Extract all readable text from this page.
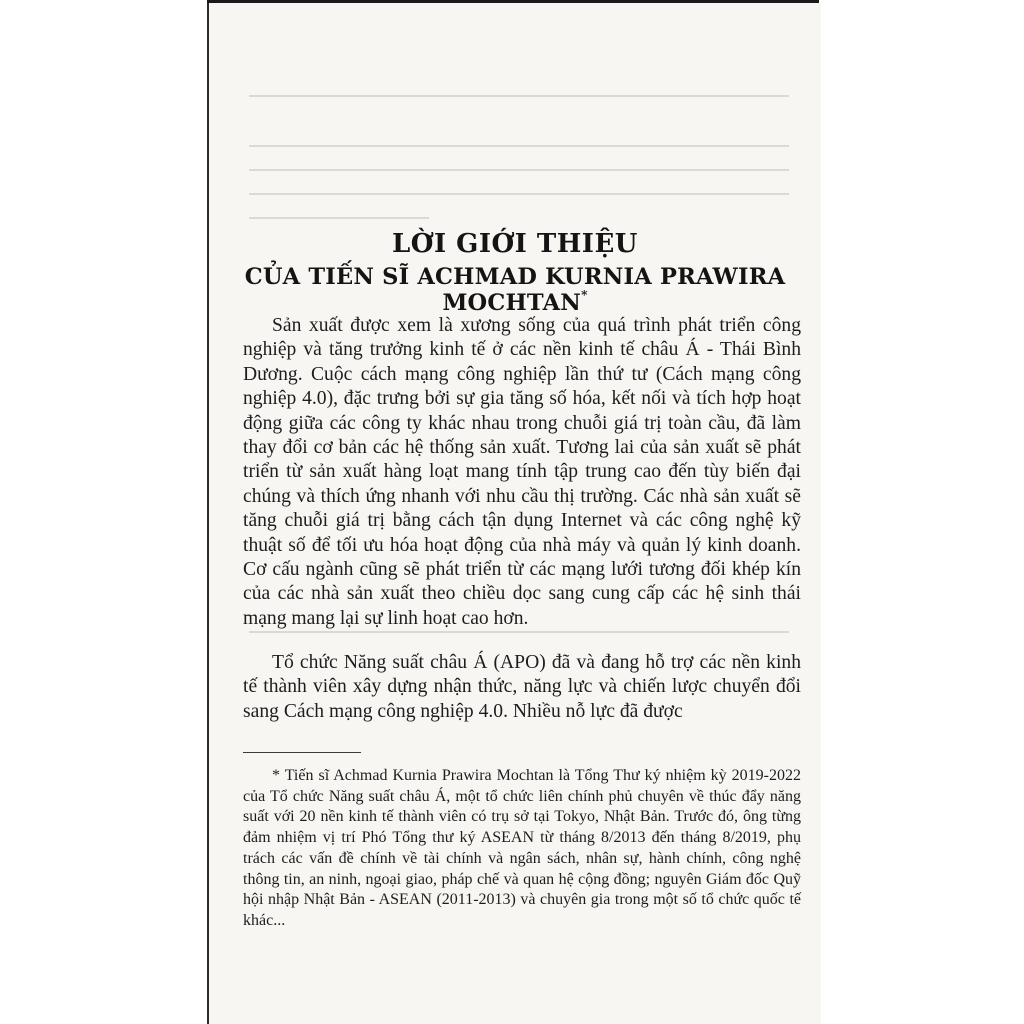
LỜI GIỚI THIỆU
CỦA TIẾN SĨ ACHMAD KURNIA PRAWIRA MOCHTAN*

Sản xuất được xem là xương sống của quá trình phát triển công nghiệp và tăng trưởng kinh tế ở các nền kinh tế châu Á - Thái Bình Dương. Cuộc cách mạng công nghiệp lần thứ tư (Cách mạng công nghiệp 4.0), đặc trưng bởi sự gia tăng số hóa, kết nối và tích hợp hoạt động giữa các công ty khác nhau trong chuỗi giá trị toàn cầu, đã làm thay đổi cơ bản các hệ thống sản xuất. Tương lai của sản xuất sẽ phát triển từ sản xuất hàng loạt mang tính tập trung cao đến tùy biến đại chúng và thích ứng nhanh với nhu cầu thị trường. Các nhà sản xuất sẽ tăng chuỗi giá trị bằng cách tận dụng Internet và các công nghệ kỹ thuật số để tối ưu hóa hoạt động của nhà máy và quản lý kinh doanh. Cơ cấu ngành cũng sẽ phát triển từ các mạng lưới tương đối khép kín của các nhà sản xuất theo chiều dọc sang cung cấp các hệ sinh thái mạng mang lại sự linh hoạt cao hơn.

Tổ chức Năng suất châu Á (APO) đã và đang hỗ trợ các nền kinh tế thành viên xây dựng nhận thức, năng lực và chiến lược chuyển đổi sang Cách mạng công nghiệp 4.0. Nhiều nỗ lực đã được

* Tiến sĩ Achmad Kurnia Prawira Mochtan là Tổng Thư ký nhiệm kỳ 2019-2022 của Tổ chức Năng suất châu Á, một tổ chức liên chính phủ chuyên về thúc đẩy năng suất với 20 nền kinh tế thành viên có trụ sở tại Tokyo, Nhật Bản. Trước đó, ông từng đảm nhiệm vị trí Phó Tổng thư ký ASEAN từ tháng 8/2013 đến tháng 8/2019, phụ trách các vấn đề chính về tài chính và ngân sách, nhân sự, hành chính, công nghệ thông tin, an ninh, ngoại giao, pháp chế và quan hệ cộng đồng; nguyên Giám đốc Quỹ hội nhập Nhật Bản - ASEAN (2011-2013) và chuyên gia trong một số tổ chức quốc tế khác...
